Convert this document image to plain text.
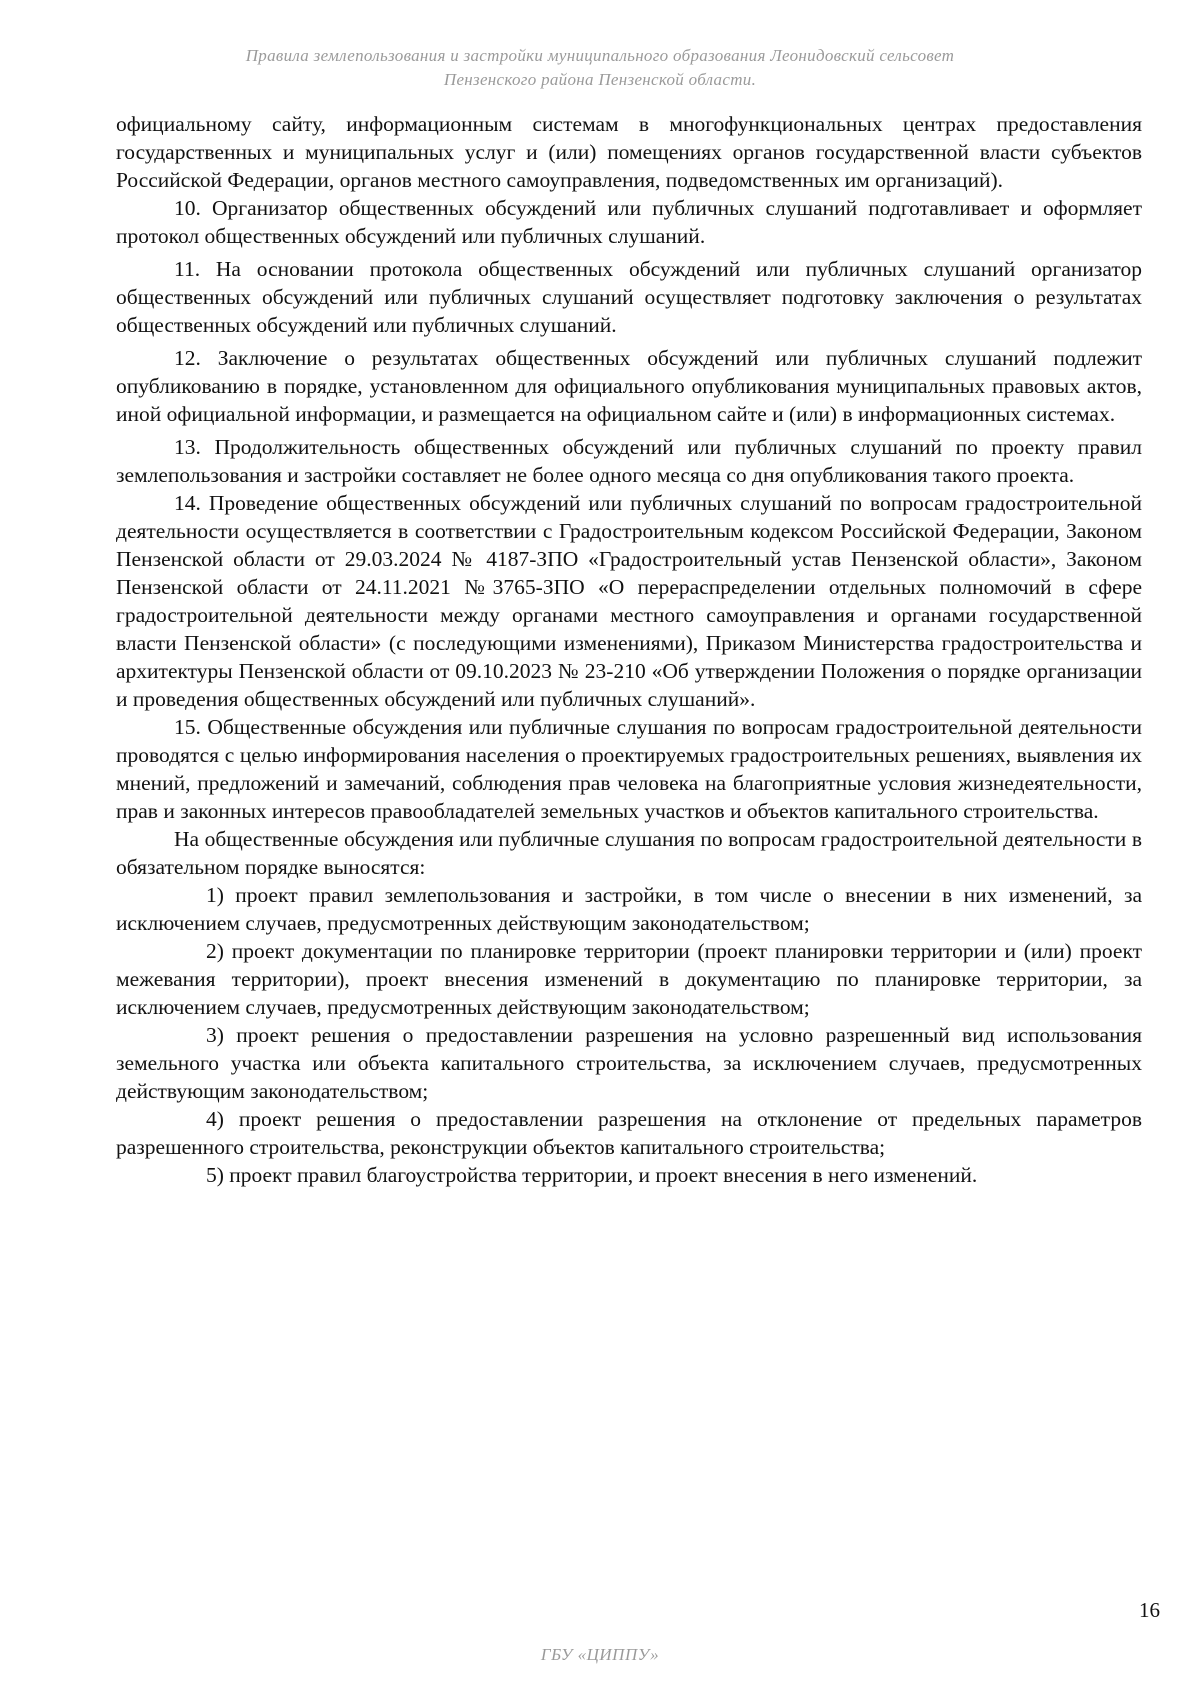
Правила землепользования и застройки муниципального образования Леонидовский сельсовет
Пензенского района Пензенской области.

официальному сайту, информационным системам в многофункциональных центрах предоставления государственных и муниципальных услуг и (или) помещениях органов государственной власти субъектов Российской Федерации, органов местного самоуправления, подведомственных им организаций).

10. Организатор общественных обсуждений или публичных слушаний подготавливает и оформляет протокол общественных обсуждений или публичных слушаний.

11. На основании протокола общественных обсуждений или публичных слушаний организатор общественных обсуждений или публичных слушаний осуществляет подготовку заключения о результатах общественных обсуждений или публичных слушаний.

12. Заключение о результатах общественных обсуждений или публичных слушаний подлежит опубликованию в порядке, установленном для официального опубликования муниципальных правовых актов, иной официальной информации, и размещается на официальном сайте и (или) в информационных системах.

13. Продолжительность общественных обсуждений или публичных слушаний по проекту правил землепользования и застройки составляет не более одного месяца со дня опубликования такого проекта.

14. Проведение общественных обсуждений или публичных слушаний по вопросам градостроительной деятельности осуществляется в соответствии с Градостроительным кодексом Российской Федерации, Законом Пензенской области от 29.03.2024 № 4187-ЗПО «Градостроительный устав Пензенской области», Законом Пензенской области от 24.11.2021 №3765-ЗПО «О перераспределении отдельных полномочий в сфере градостроительной деятельности между органами местного самоуправления и органами государственной власти Пензенской области» (с последующими изменениями), Приказом Министерства градостроительства и архитектуры Пензенской области от 09.10.2023 № 23-210 «Об утверждении Положения о порядке организации и проведения общественных обсуждений или публичных слушаний».

15. Общественные обсуждения или публичные слушания по вопросам градостроительной деятельности проводятся с целью информирования населения о проектируемых градостроительных решениях, выявления их мнений, предложений и замечаний, соблюдения прав человека на благоприятные условия жизнедеятельности, прав и законных интересов правообладателей земельных участков и объектов капитального строительства.

На общественные обсуждения или публичные слушания по вопросам градостроительной деятельности в обязательном порядке выносятся:

1) проект правил землепользования и застройки, в том числе о внесении в них изменений, за исключением случаев, предусмотренных действующим законодательством;

2) проект документации по планировке территории (проект планировки территории и (или) проект межевания территории), проект внесения изменений в документацию по планировке территории, за исключением случаев, предусмотренных действующим законодательством;

3) проект решения о предоставлении разрешения на условно разрешенный вид использования земельного участка или объекта капитального строительства, за исключением случаев, предусмотренных действующим законодательством;

4) проект решения о предоставлении разрешения на отклонение от предельных параметров разрешенного строительства, реконструкции объектов капитального строительства;

5) проект правил благоустройства территории, и проект внесения в него изменений.

16
ГБУ «ЦИППУ»
